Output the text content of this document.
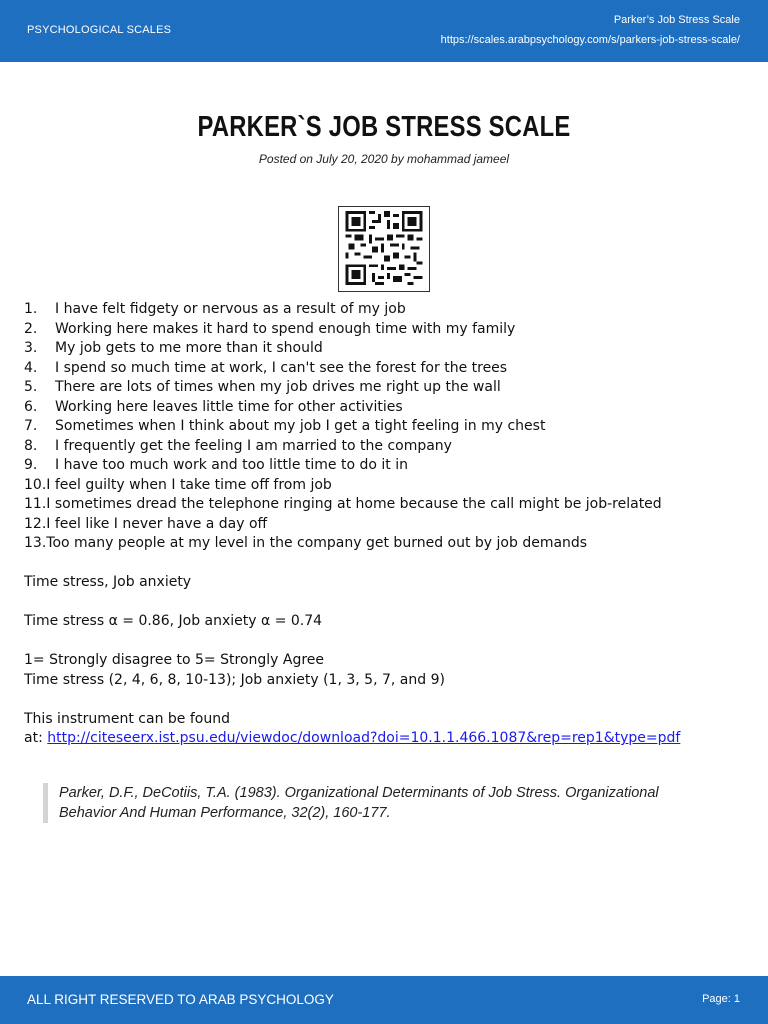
PSYCHOLOGICAL SCALES
Parker’s Job Stress Scale
https://scales.arabpsychology.com/s/parkers-job-stress-scale/
PARKER`S JOB STRESS SCALE
Posted on July 20, 2020 by mohammad jameel
1. I have felt fidgety or nervous as a result of my job
2. Working here makes it hard to spend enough time with my family
3. My job gets to me more than it should
4. I spend so much time at work, I can't see the forest for the trees
5. There are lots of times when my job drives me right up the wall
6. Working here leaves little time for other activities
7. Sometimes when I think about my job I get a tight feeling in my chest
8. I frequently get the feeling I am married to the company
9. I have too much work and too little time to do it in
10.I feel guilty when I take time off from job
11.I sometimes dread the telephone ringing at home because the call might be job-related
12.I feel like I never have a day off
13.Too many people at my level in the company get burned out by job demands
Time stress, Job anxiety
Time stress α = 0.86, Job anxiety α = 0.74
1= Strongly disagree to 5= Strongly Agree
Time stress (2, 4, 6, 8, 10-13); Job anxiety (1, 3, 5, 7, and 9)
This instrument can be found
at: http://citeseerx.ist.psu.edu/viewdoc/download?doi=10.1.1.466.1087&rep=rep1&type=pdf
Parker, D.F., DeCotiis, T.A. (1983). Organizational Determinants of Job Stress. Organizational Behavior And Human Performance, 32(2), 160-177.
ALL RIGHT RESERVED TO ARAB PSYCHOLOGY	Page: 1
